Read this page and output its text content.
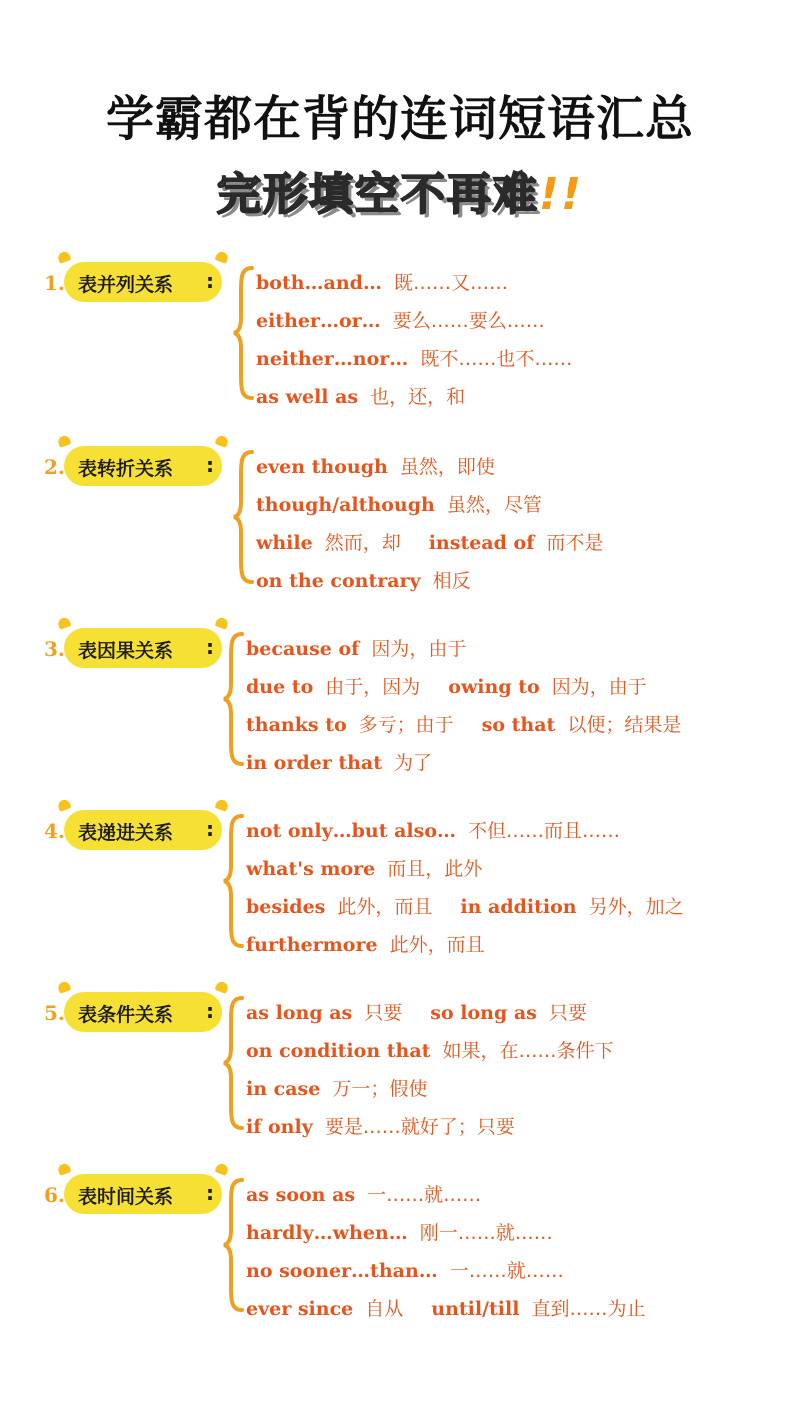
学霸都在背的连词短语汇总
完形填空不再难!!
1. 表并列关系 : both…and… 既……又……
either…or… 要么……要么……
neither…nor… 既不……也不……
as well as 也，还，和
2. 表转折关系 : even though 虽然，即使
though/although 虽然，尽管
while 然而，却 instead of 而不是
on the contrary 相反
3. 表因果关系 : because of 因为，由于
due to 由于，因为 owing to 因为，由于
thanks to 多亏；由于 so that 以便；结果是
in order that 为了
4. 表递进关系 : not only…but also… 不但……而且……
what's more 而且，此外
besides 此外，而且 in addition 另外，加之
furthermore 此外，而且
5. 表条件关系 : as long as 只要 so long as 只要
on condition that 如果，在……条件下
in case 万一；假使
if only 要是……就好了；只要
6. 表时间关系 : as soon as 一……就……
hardly…when… 刚一……就……
no sooner…than… 一……就……
ever since 自从 until/till 直到……为止
